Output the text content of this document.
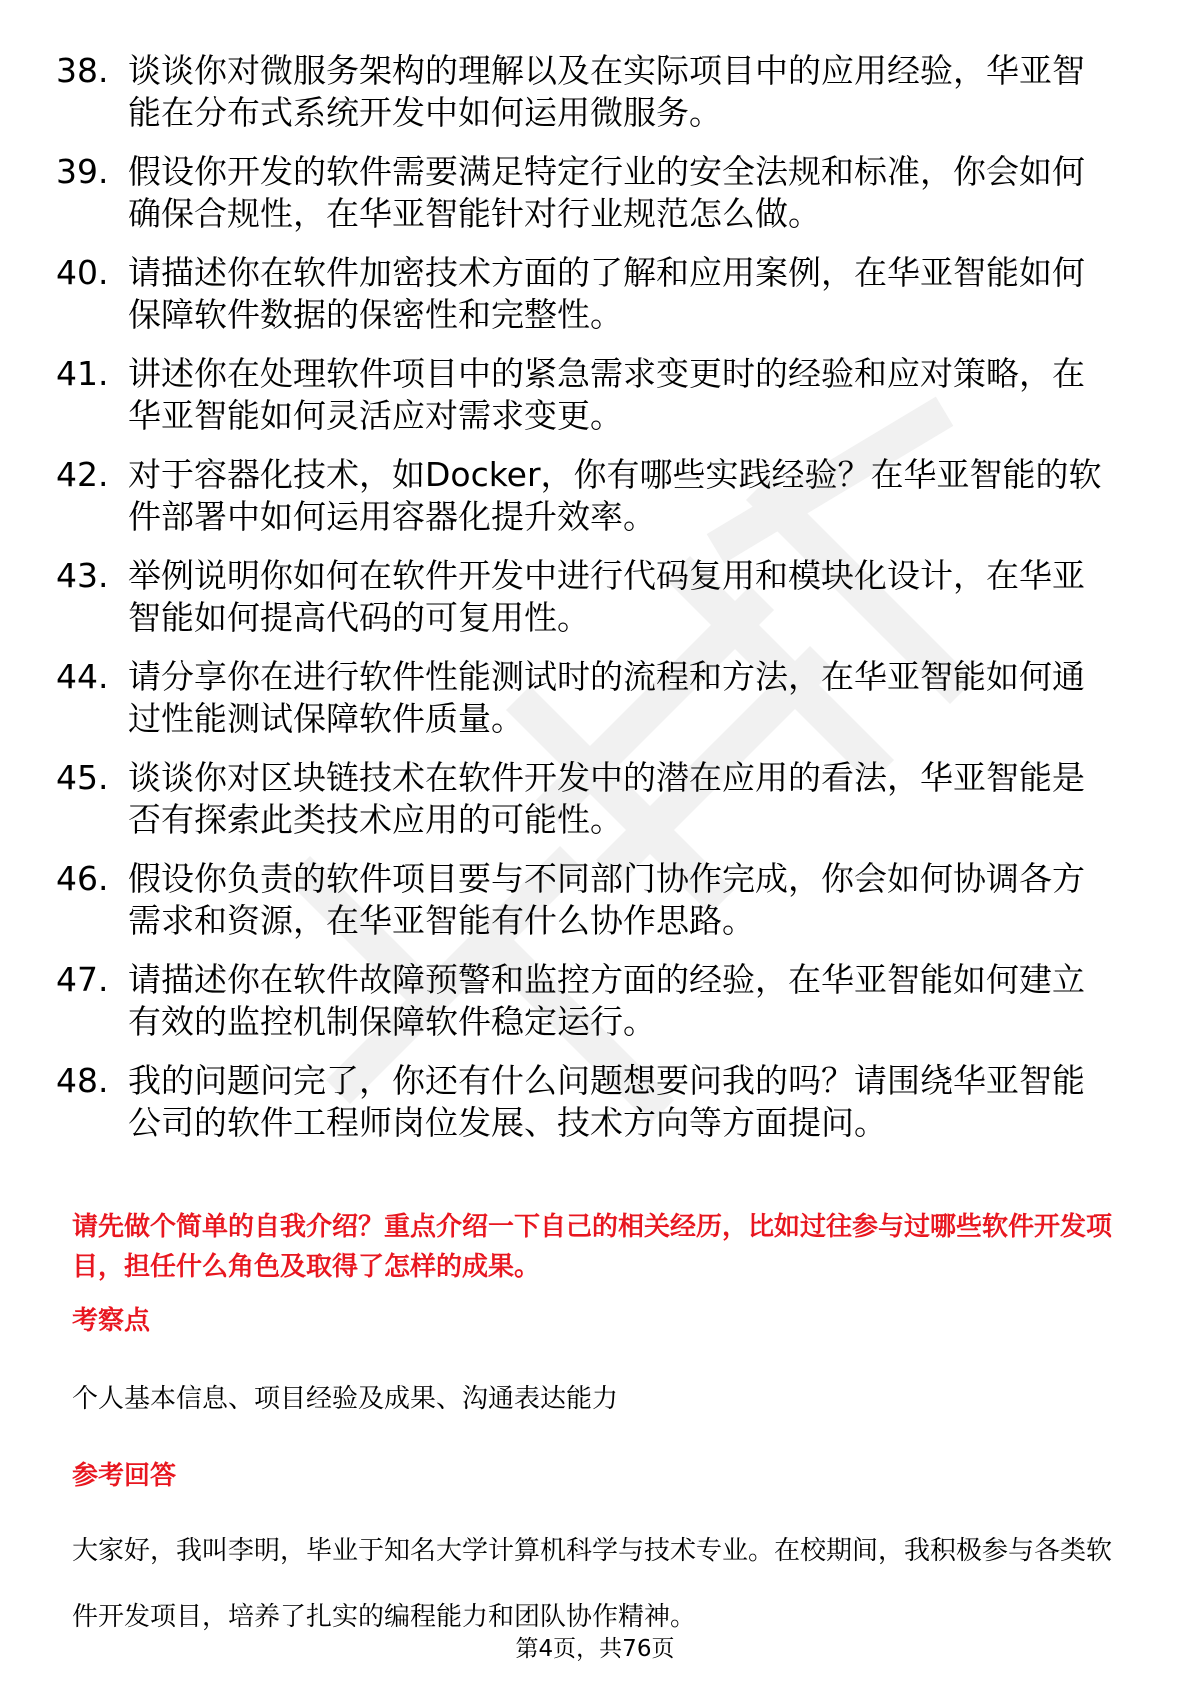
38. 谈谈你对微服务架构的理解以及在实际项目中的应用经验，华亚智能在分布式系统开发中如何运用微服务。
39. 假设你开发的软件需要满足特定行业的安全法规和标准，你会如何确保合规性，在华亚智能针对行业规范怎么做。
40. 请描述你在软件加密技术方面的了解和应用案例，在华亚智能如何保障软件数据的保密性和完整性。
41. 讲述你在处理软件项目中的紧急需求变更时的经验和应对策略，在华亚智能如何灵活应对需求变更。
42. 对于容器化技术，如Docker，你有哪些实践经验？在华亚智能的软件部署中如何运用容器化提升效率。
43. 举例说明你如何在软件开发中进行代码复用和模块化设计，在华亚智能如何提高代码的可复用性。
44. 请分享你在进行软件性能测试时的流程和方法，在华亚智能如何通过性能测试保障软件质量。
45. 谈谈你对区块链技术在软件开发中的潜在应用的看法，华亚智能是否有探索此类技术应用的可能性。
46. 假设你负责的软件项目要与不同部门协作完成，你会如何协调各方需求和资源，在华亚智能有什么协作思路。
47. 请描述你在软件故障预警和监控方面的经验，在华亚智能如何建立有效的监控机制保障软件稳定运行。
48. 我的问题问完了，你还有什么问题想要问我的吗？请围绕华亚智能公司的软件工程师岗位发展、技术方向等方面提问。
请先做个简单的自我介绍？重点介绍一下自己的相关经历，比如过往参与过哪些软件开发项目，担任什么角色及取得了怎样的成果。
考察点
个人基本信息、项目经验及成果、沟通表达能力
参考回答
大家好，我叫李明，毕业于知名大学计算机科学与技术专业。在校期间，我积极参与各类软件开发项目，培养了扎实的编程能力和团队协作精神。
第4页，共76页
